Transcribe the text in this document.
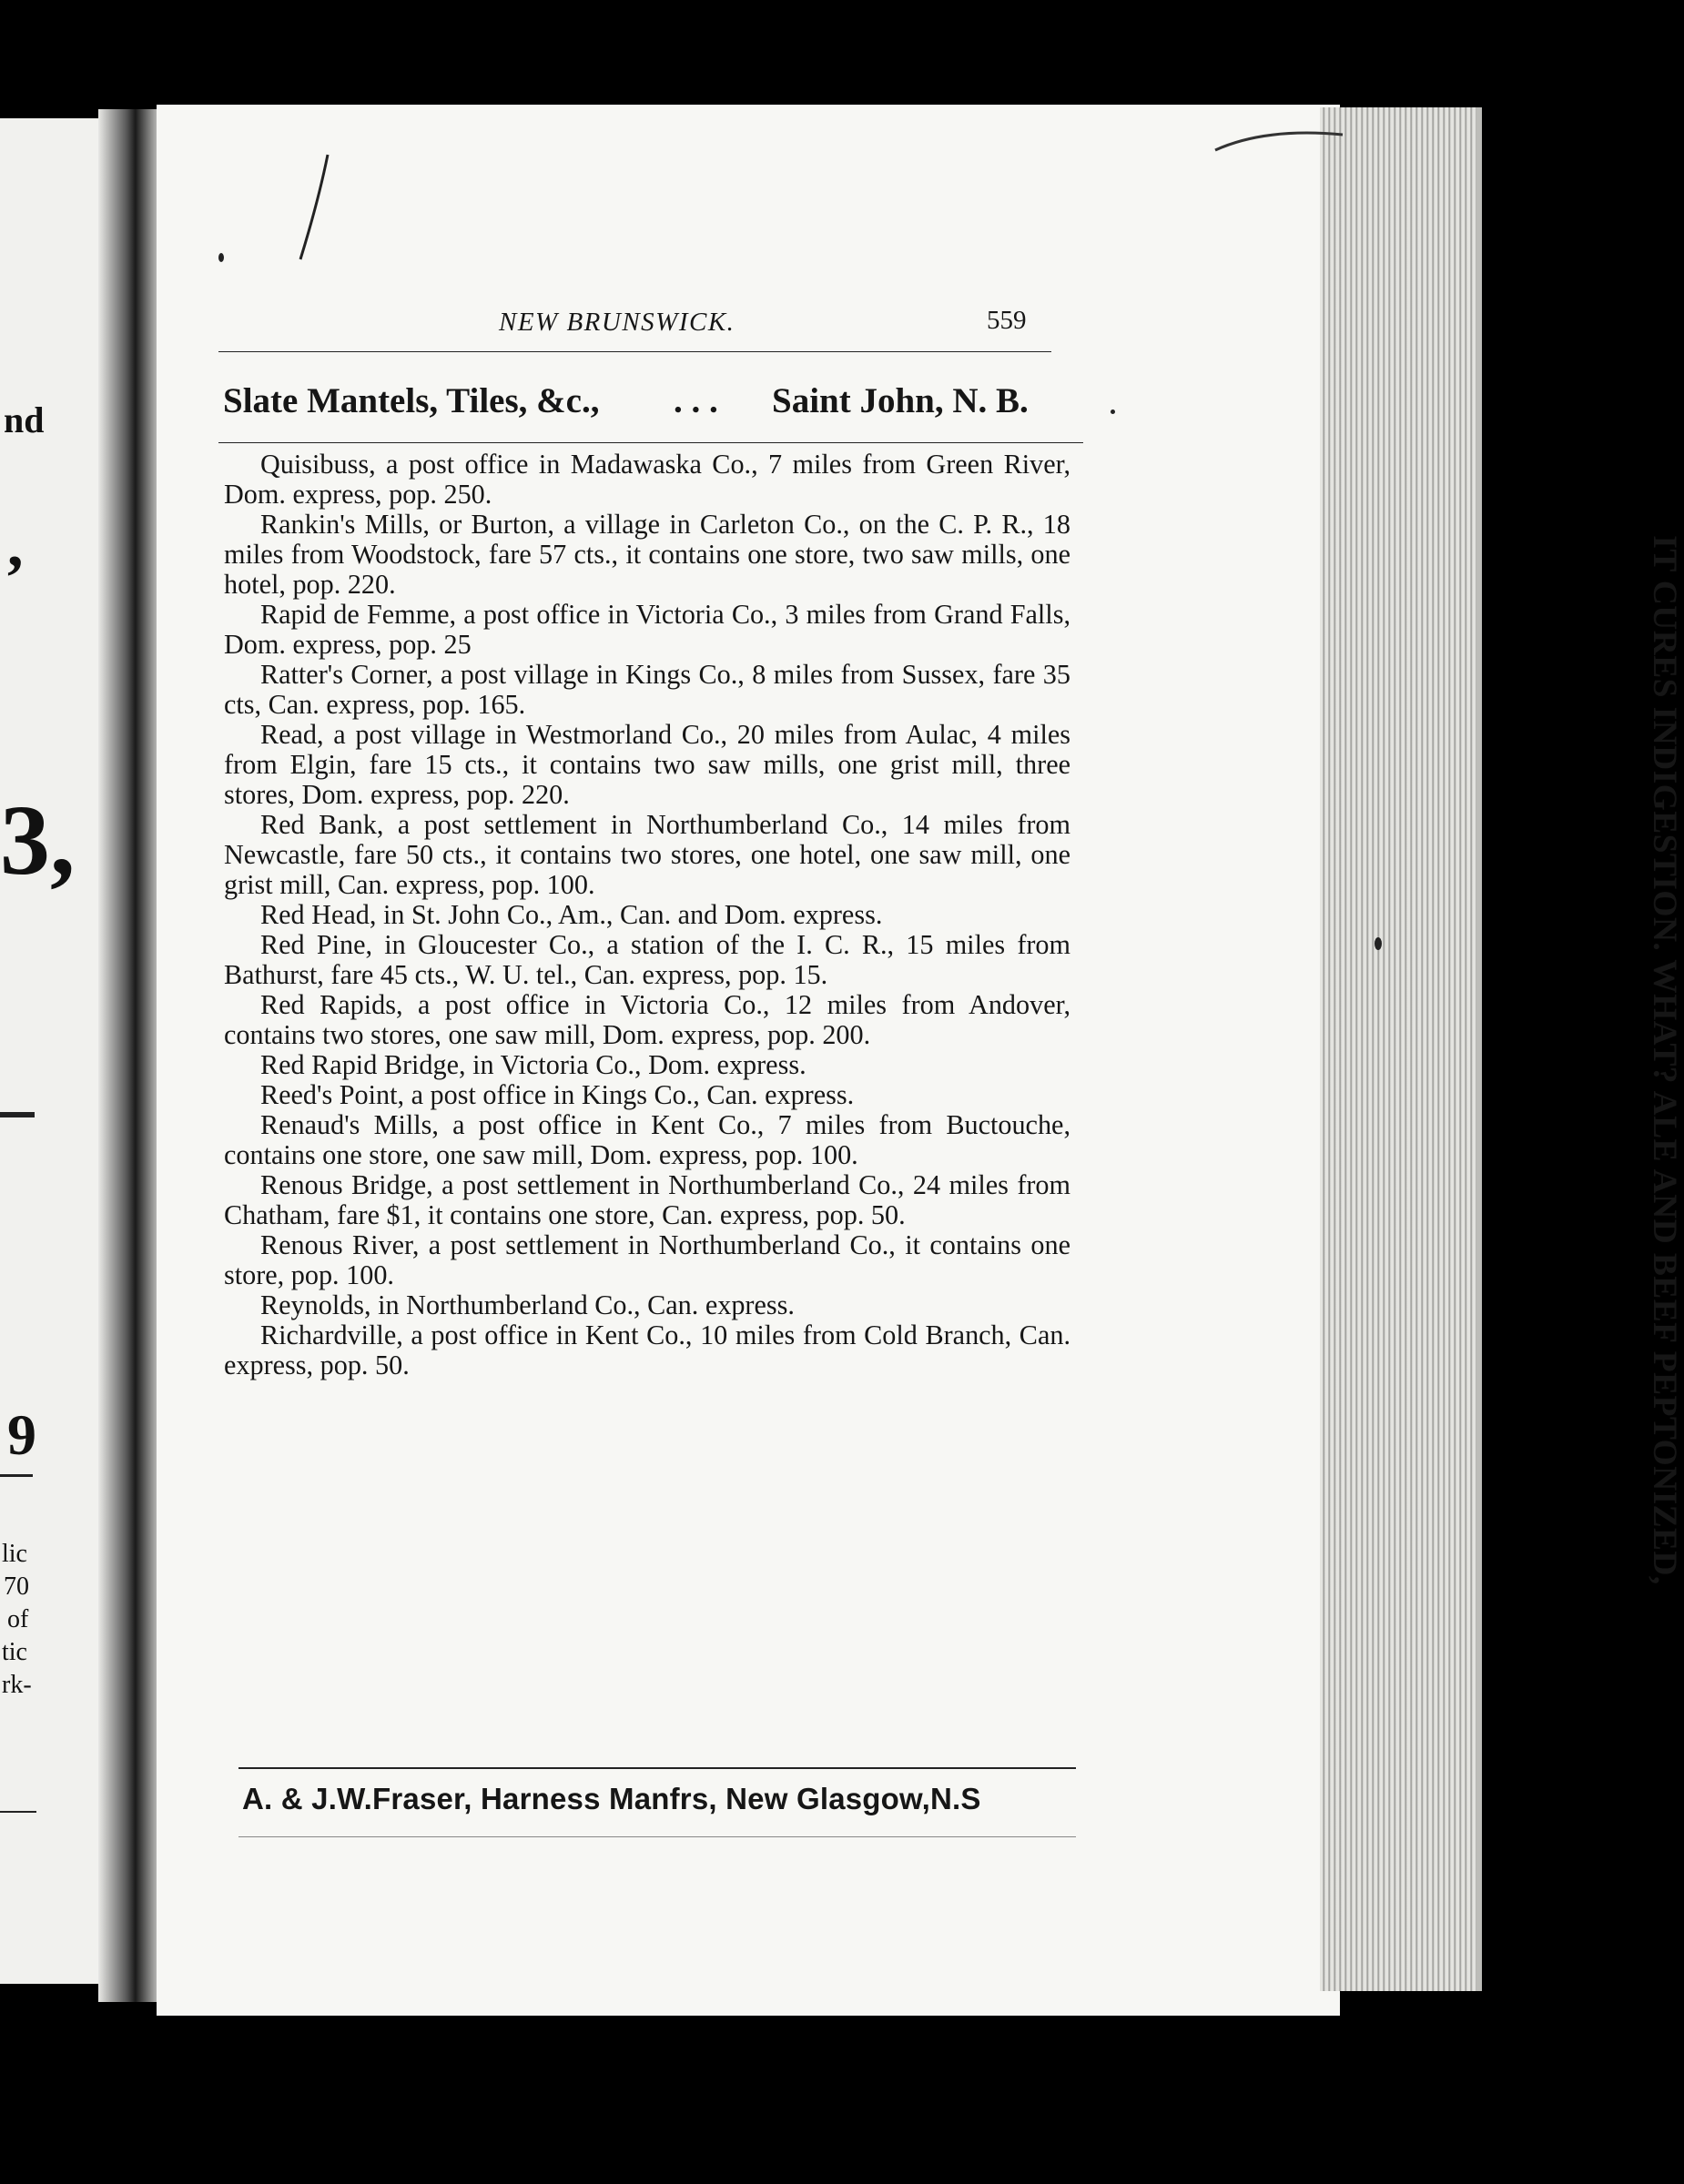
nd
,
3,
9
lic
70
of
tic
rk-
NEW BRUNSWICK.	559
Slate Mantels, Tiles, &c., . . . Saint John, N. B.

Quisibuss, a post office in Madawaska Co., 7 miles from Green River, Dom. express, pop. 250.

Rankin's Mills, or Burton, a village in Carleton Co., on the C. P. R., 18 miles from Woodstock, fare 57 cts., it contains one store, two saw mills, one hotel, pop. 220.

Rapid de Femme, a post office in Victoria Co., 3 miles from Grand Falls, Dom. express, pop. 25

Ratter's Corner, a post village in Kings Co., 8 miles from Sussex, fare 35 cts, Can. express, pop. 165.

Read, a post village in Westmorland Co., 20 miles from Aulac, 4 miles from Elgin, fare 15 cts., it contains two saw mills, one grist mill, three stores, Dom. express, pop. 220.

Red Bank, a post settlement in Northumberland Co., 14 miles from Newcastle, fare 50 cts., it contains two stores, one hotel, one saw mill, one grist mill, Can. express, pop. 100.

Red Head, in St. John Co., Am., Can. and Dom. express.

Red Pine, in Gloucester Co., a station of the I. C. R., 15 miles from Bathurst, fare 45 cts., W. U. tel., Can. express, pop. 15.

Red Rapids, a post office in Victoria Co., 12 miles from Andover, contains two stores, one saw mill, Dom. express, pop. 200.

Red Rapid Bridge, in Victoria Co., Dom. express.

Reed's Point, a post office in Kings Co., Can. express.

Renaud's Mills, a post office in Kent Co., 7 miles from Buctouche, contains one store, one saw mill, Dom. express, pop. 100.

Renous Bridge, a post settlement in Northumberland Co., 24 miles from Chatham, fare $1, it contains one store, Can. express, pop. 50.

Renous River, a post settlement in Northumberland Co., it contains one store, pop. 100.

Reynolds, in Northumberland Co., Can. express.

Richardville, a post office in Kent Co., 10 miles from Cold Branch, Can. express, pop. 50.	IT CURES INDIGESTION. WHAT? ALE AND BEEF PEPTONIZED,
A. & J.W.Fraser, Harness Manfrs, New Glasgow,N.S
